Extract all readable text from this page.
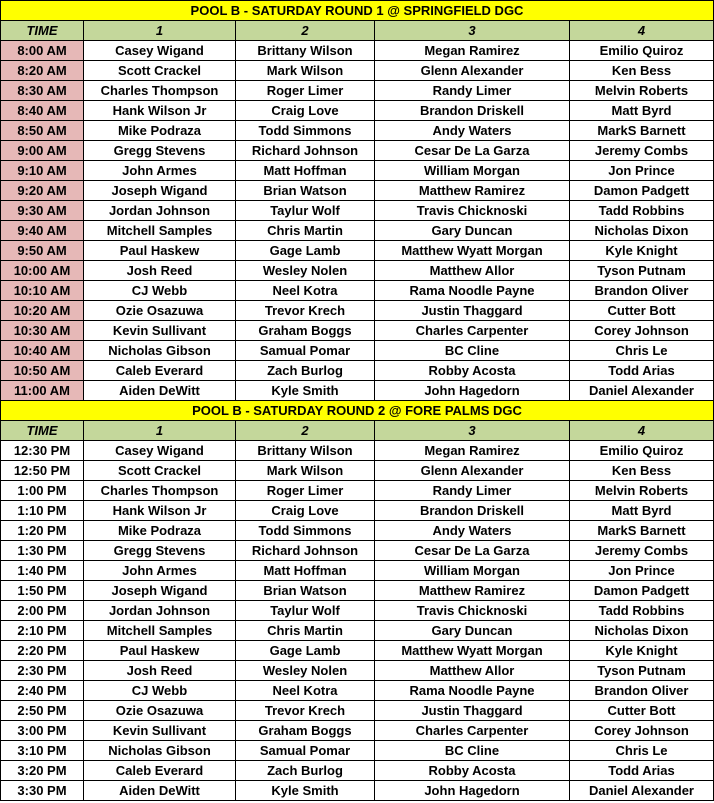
POOL B - SATURDAY ROUND 1 @ SPRINGFIELD DGC				
TIME	1	2	3	4
8:00 AM	Casey Wigand	Brittany Wilson	Megan Ramirez	Emilio Quiroz
8:20 AM	Scott Crackel	Mark Wilson	Glenn Alexander	Ken Bess
8:30 AM	Charles Thompson	Roger Limer	Randy Limer	Melvin Roberts
8:40 AM	Hank Wilson Jr	Craig Love	Brandon Driskell	Matt Byrd
8:50 AM	Mike Podraza	Todd Simmons	Andy Waters	MarkS Barnett
9:00 AM	Gregg Stevens	Richard Johnson	Cesar De La Garza	Jeremy Combs
9:10 AM	John Armes	Matt Hoffman	William Morgan	Jon Prince
9:20 AM	Joseph Wigand	Brian Watson	Matthew Ramirez	Damon Padgett
9:30 AM	Jordan Johnson	Taylur Wolf	Travis Chicknoski	Tadd Robbins
9:40 AM	Mitchell Samples	Chris Martin	Gary Duncan	Nicholas Dixon
9:50 AM	Paul Haskew	Gage Lamb	Matthew Wyatt Morgan	Kyle Knight
10:00 AM	Josh Reed	Wesley Nolen	Matthew Allor	Tyson Putnam
10:10 AM	CJ Webb	Neel Kotra	Rama Noodle Payne	Brandon Oliver
10:20 AM	Ozie Osazuwa	Trevor Krech	Justin Thaggard	Cutter Bott
10:30 AM	Kevin Sullivant	Graham Boggs	Charles Carpenter	Corey Johnson
10:40 AM	Nicholas Gibson	Samual Pomar	BC Cline	Chris Le
10:50 AM	Caleb Everard	Zach Burlog	Robby Acosta	Todd Arias
11:00 AM	Aiden DeWitt	Kyle Smith	John Hagedorn	Daniel Alexander
POOL B - SATURDAY ROUND 2 @ FORE PALMS DGC				
TIME	1	2	3	4
12:30 PM	Casey Wigand	Brittany Wilson	Megan Ramirez	Emilio Quiroz
12:50 PM	Scott Crackel	Mark Wilson	Glenn Alexander	Ken Bess
1:00 PM	Charles Thompson	Roger Limer	Randy Limer	Melvin Roberts
1:10 PM	Hank Wilson Jr	Craig Love	Brandon Driskell	Matt Byrd
1:20 PM	Mike Podraza	Todd Simmons	Andy Waters	MarkS Barnett
1:30 PM	Gregg Stevens	Richard Johnson	Cesar De La Garza	Jeremy Combs
1:40 PM	John Armes	Matt Hoffman	William Morgan	Jon Prince
1:50 PM	Joseph Wigand	Brian Watson	Matthew Ramirez	Damon Padgett
2:00 PM	Jordan Johnson	Taylur Wolf	Travis Chicknoski	Tadd Robbins
2:10 PM	Mitchell Samples	Chris Martin	Gary Duncan	Nicholas Dixon
2:20 PM	Paul Haskew	Gage Lamb	Matthew Wyatt Morgan	Kyle Knight
2:30 PM	Josh Reed	Wesley Nolen	Matthew Allor	Tyson Putnam
2:40 PM	CJ Webb	Neel Kotra	Rama Noodle Payne	Brandon Oliver
2:50 PM	Ozie Osazuwa	Trevor Krech	Justin Thaggard	Cutter Bott
3:00 PM	Kevin Sullivant	Graham Boggs	Charles Carpenter	Corey Johnson
3:10 PM	Nicholas Gibson	Samual Pomar	BC Cline	Chris Le
3:20 PM	Caleb Everard	Zach Burlog	Robby Acosta	Todd Arias
3:30 PM	Aiden DeWitt	Kyle Smith	John Hagedorn	Daniel Alexander
